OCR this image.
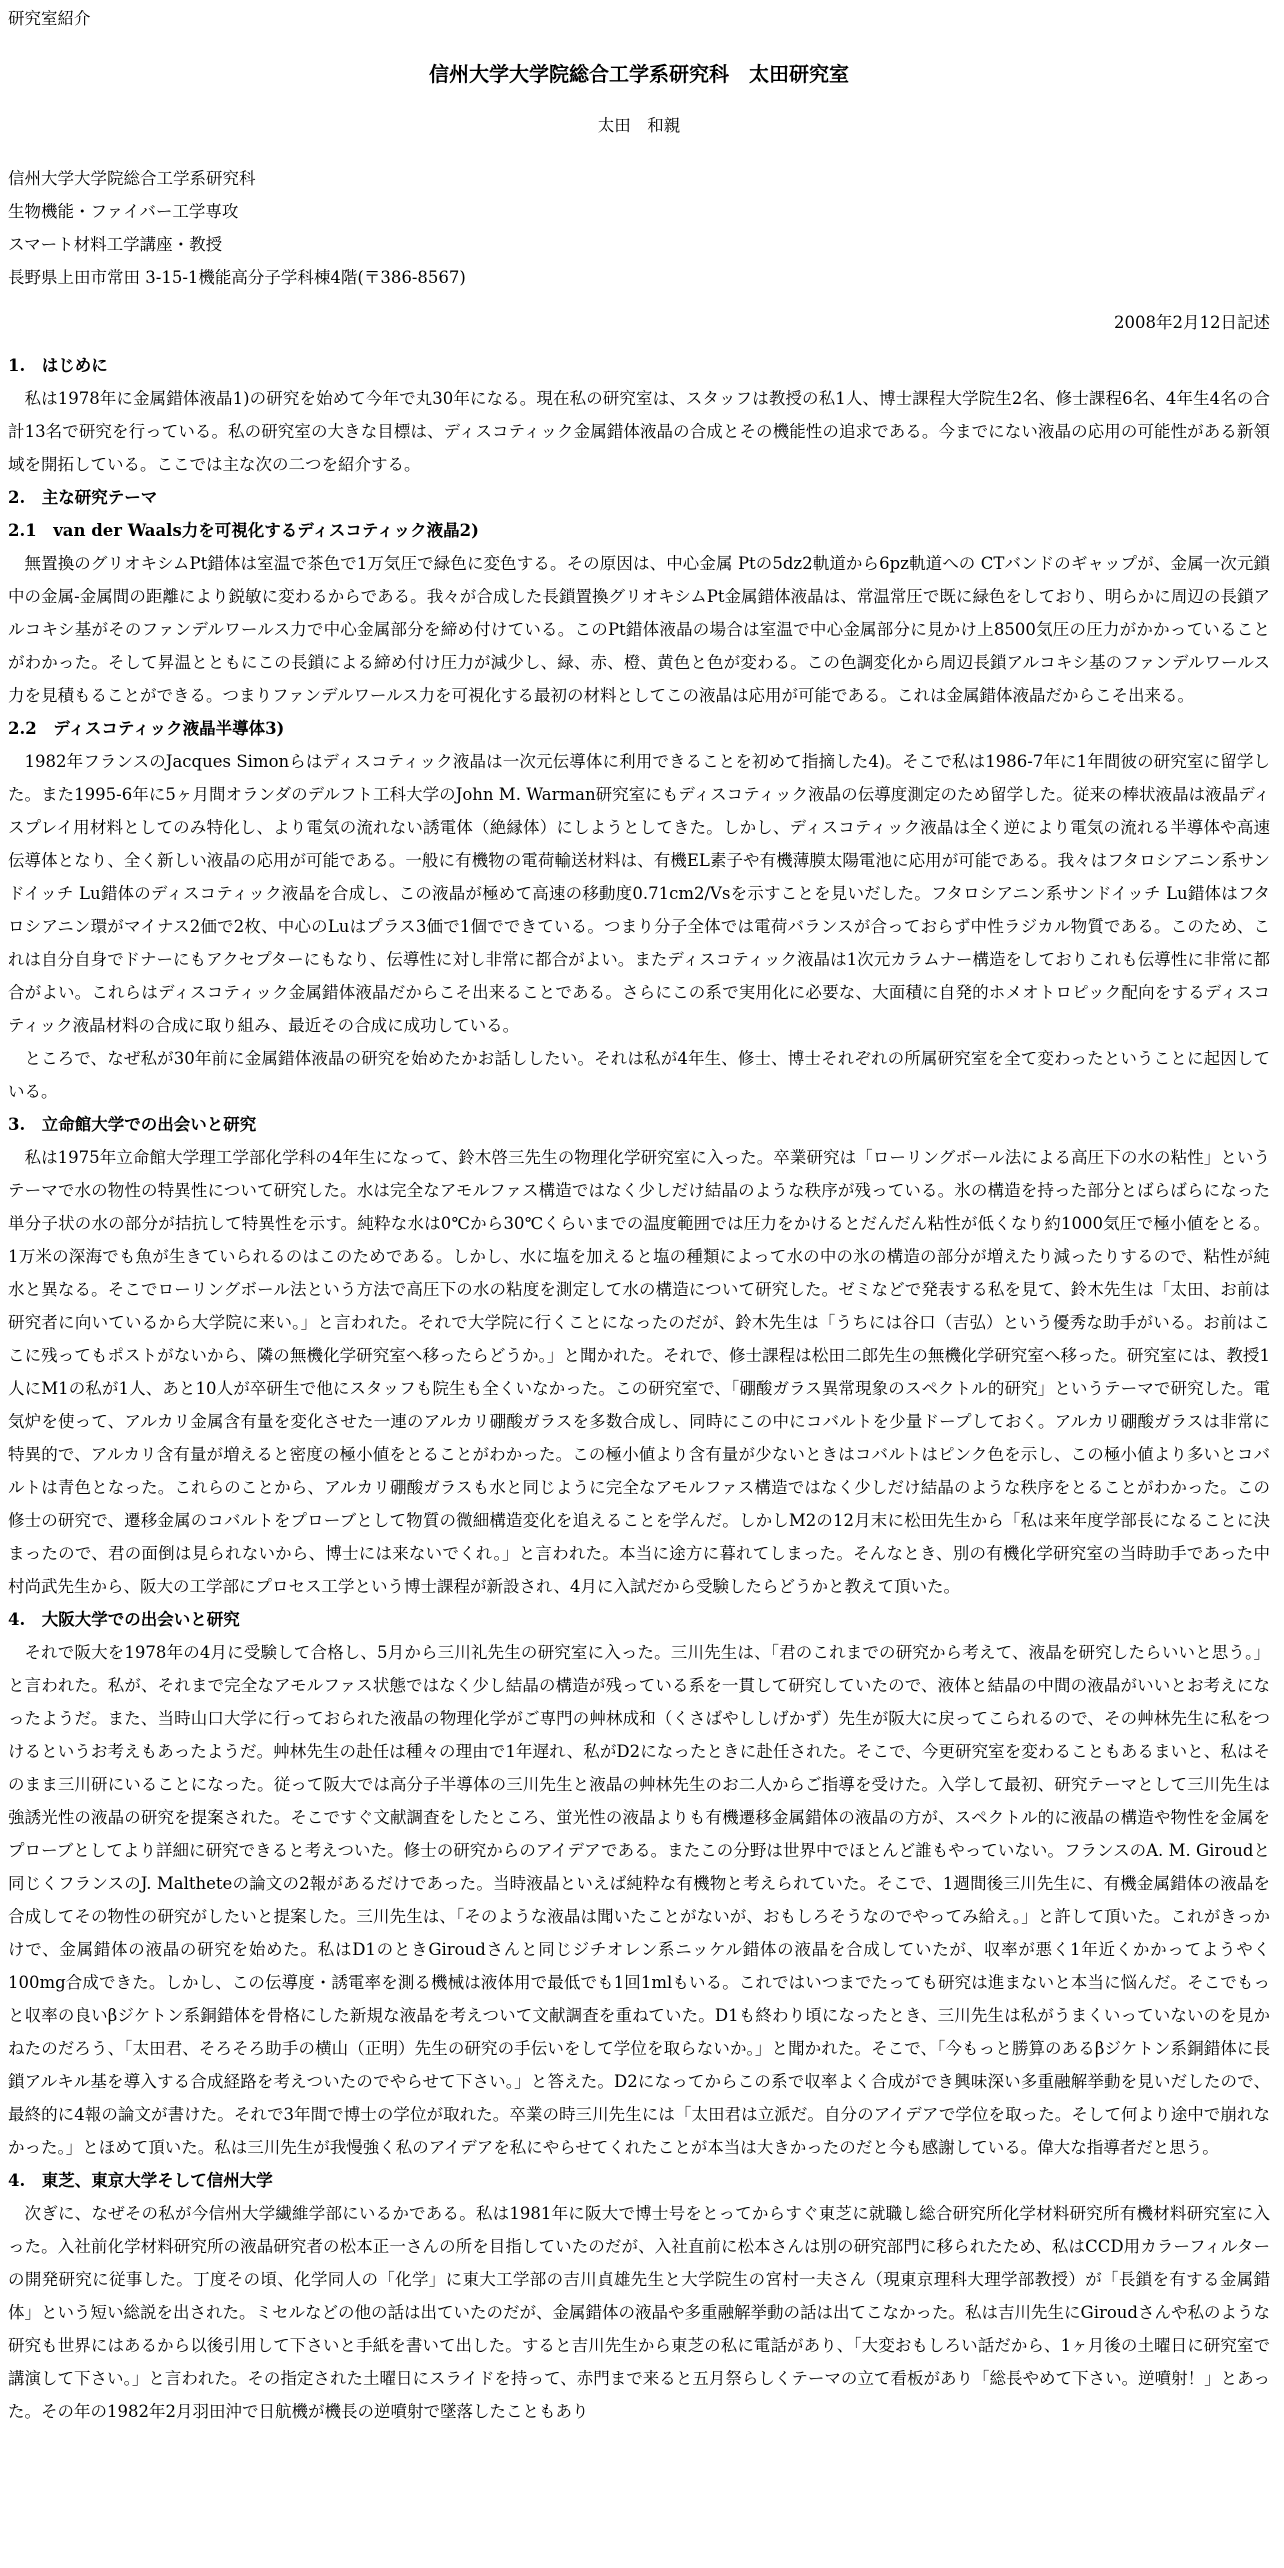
研究室紹介
信州大学大学院総合工学系研究科　太田研究室
太田　和親
信州大学大学院総合工学系研究科
生物機能・ファイバー工学専攻
スマート材料工学講座・教授
長野県上田市常田 3-15-1機能高分子学科棟4階(〒386-8567)
2008年2月12日記述
1.　はじめに

私は1978年に金属錯体液晶1)の研究を始めて今年で丸30年になる。現在私の研究室は、スタッフは教授の私1人、博士課程大学院生2名、修士課程6名、4年生4名の合計13名で研究を行っている。私の研究室の大きな目標は、ディスコティック金属錯体液晶の合成とその機能性の追求である。今までにない液晶の応用の可能性がある新領域を開拓している。ここでは主な次の二つを紹介する。

2.　主な研究テーマ
2.1　van der Waals力を可視化するディスコティック液晶2)

無置換のグリオキシムPt錯体は室温で茶色で1万気圧で緑色に変色する。その原因は、中心金属 Ptの5dz2軌道から6pz軌道への CTバンドのギャップが、金属一次元鎖中の金属-金属間の距離により鋭敏に変わるからである。我々が合成した長鎖置換グリオキシムPt金属錯体液晶は、常温常圧で既に緑色をしており、明らかに周辺の長鎖アルコキシ基がそのファンデルワールス力で中心金属部分を締め付けている。このPt錯体液晶の場合は室温で中心金属部分に見かけ上8500気圧の圧力がかかっていることがわかった。そして昇温とともにこの長鎖による締め付け圧力が減少し、緑、赤、橙、黄色と色が変わる。この色調変化から周辺長鎖アルコキシ基のファンデルワールス力を見積もることができる。つまりファンデルワールス力を可視化する最初の材料としてこの液晶は応用が可能である。これは金属錯体液晶だからこそ出来る。

2.2　ディスコティック液晶半導体3)

1982年フランスのJacques Simonらはディスコティック液晶は一次元伝導体に利用できることを初めて指摘した4)。そこで私は1986-7年に1年間彼の研究室に留学した。また1995-6年に5ヶ月間オランダのデルフト工科大学のJohn M. Warman研究室にもディスコティック液晶の伝導度測定のため留学した。従来の棒状液晶は液晶ディスプレイ用材料としてのみ特化し、より電気の流れない誘電体（絶縁体）にしようとしてきた。しかし、ディスコティック液晶は全く逆により電気の流れる半導体や高速伝導体となり、全く新しい液晶の応用が可能である。一般に有機物の電荷輸送材料は、有機EL素子や有機薄膜太陽電池に応用が可能である。我々はフタロシアニン系サンドイッチ Lu錯体のディスコティック液晶を合成し、この液晶が極めて高速の移動度0.71cm2/Vsを示すことを見いだした。フタロシアニン系サンドイッチ Lu錯体はフタロシアニン環がマイナス2価で2枚、中心のLuはプラス3価で1個でできている。つまり分子全体では電荷バランスが合っておらず中性ラジカル物質である。このため、これは自分自身でドナーにもアクセプターにもなり、伝導性に対し非常に都合がよい。またディスコティック液晶は1次元カラムナー構造をしておりこれも伝導性に非常に都合がよい。これらはディスコティック金属錯体液晶だからこそ出来ることである。さらにこの系で実用化に必要な、大面積に自発的ホメオトロピック配向をするディスコティック液晶材料の合成に取り組み、最近その合成に成功している。

ところで、なぜ私が30年前に金属錯体液晶の研究を始めたかお話ししたい。それは私が4年生、修士、博士それぞれの所属研究室を全て変わったということに起因している。

3.　立命館大学での出会いと研究

私は1975年立命館大学理工学部化学科の4年生になって、鈴木啓三先生の物理化学研究室に入った。卒業研究は「ローリングボール法による高圧下の水の粘性」というテーマで水の物性の特異性について研究した。水は完全なアモルファス構造ではなく少しだけ結晶のような秩序が残っている。氷の構造を持った部分とばらばらになった単分子状の水の部分が拮抗して特異性を示す。純粋な水は0℃から30℃くらいまでの温度範囲では圧力をかけるとだんだん粘性が低くなり約1000気圧で極小値をとる。 1万米の深海でも魚が生きていられるのはこのためである。しかし、水に塩を加えると塩の種類によって水の中の氷の構造の部分が増えたり減ったりするので、粘性が純水と異なる。そこでローリングボール法という方法で高圧下の水の粘度を測定して水の構造について研究した。ゼミなどで発表する私を見て、鈴木先生は「太田、お前は研究者に向いているから大学院に来い。」と言われた。それで大学院に行くことになったのだが、鈴木先生は「うちには谷口（吉弘）という優秀な助手がいる。お前はここに残ってもポストがないから、隣の無機化学研究室へ移ったらどうか。」と聞かれた。それで、修士課程は松田二郎先生の無機化学研究室へ移った。研究室には、教授1人にM1の私が1人、あと10人が卒研生で他にスタッフも院生も全くいなかった。この研究室で、「硼酸ガラス異常現象のスペクトル的研究」というテーマで研究した。電気炉を使って、アルカリ金属含有量を変化させた一連のアルカリ硼酸ガラスを多数合成し、同時にこの中にコバルトを少量ドープしておく。アルカリ硼酸ガラスは非常に特異的で、アルカリ含有量が増えると密度の極小値をとることがわかった。この極小値より含有量が少ないときはコバルトはピンク色を示し、この極小値より多いとコバルトは青色となった。これらのことから、アルカリ硼酸ガラスも水と同じように完全なアモルファス構造ではなく少しだけ結晶のような秩序をとることがわかった。この修士の研究で、遷移金属のコバルトをプローブとして物質の微細構造変化を追えることを学んだ。しかしM2の12月末に松田先生から「私は来年度学部長になることに決まったので、君の面倒は見られないから、博士には来ないでくれ。」と言われた。本当に途方に暮れてしまった。そんなとき、別の有機化学研究室の当時助手であった中村尚武先生から、阪大の工学部にプロセス工学という博士課程が新設され、4月に入試だから受験したらどうかと教えて頂いた。

4.　大阪大学での出会いと研究

それで阪大を1978年の4月に受験して合格し、5月から三川礼先生の研究室に入った。三川先生は、「君のこれまでの研究から考えて、液晶を研究したらいいと思う。」と言われた。私が、それまで完全なアモルファス状態ではなく少し結晶の構造が残っている系を一貫して研究していたので、液体と結晶の中間の液晶がいいとお考えになったようだ。また、当時山口大学に行っておられた液晶の物理化学がご専門の艸林成和（くさばやししげかず）先生が阪大に戻ってこられるので、その艸林先生に私をつけるというお考えもあったようだ。艸林先生の赴任は種々の理由で1年遅れ、私がD2になったときに赴任された。そこで、今更研究室を変わることもあるまいと、私はそのまま三川研にいることになった。従って阪大では高分子半導体の三川先生と液晶の艸林先生のお二人からご指導を受けた。入学して最初、研究テーマとして三川先生は強誘光性の液晶の研究を提案された。そこですぐ文献調査をしたところ、蛍光性の液晶よりも有機遷移金属錯体の液晶の方が、スペクトル的に液晶の構造や物性を金属をプローブとしてより詳細に研究できると考えついた。修士の研究からのアイデアである。またこの分野は世界中でほとんど誰もやっていない。フランスのA. M. Giroudと同じくフランスのJ. Maltheteの論文の2報があるだけであった。当時液晶といえば純粋な有機物と考えられていた。そこで、1週間後三川先生に、有機金属錯体の液晶を合成してその物性の研究がしたいと提案した。三川先生は、「そのような液晶は聞いたことがないが、おもしろそうなのでやってみ給え。」と許して頂いた。これがきっかけで、金属錯体の液晶の研究を始めた。私はD1のときGiroudさんと同じジチオレン系ニッケル錯体の液晶を合成していたが、収率が悪く1年近くかかってようやく100mg合成できた。しかし、この伝導度・誘電率を測る機械は液体用で最低でも1回1mlもいる。これではいつまでたっても研究は進まないと本当に悩んだ。そこでもっと収率の良いβジケトン系銅錯体を骨格にした新規な液晶を考えついて文献調査を重ねていた。D1も終わり頃になったとき、三川先生は私がうまくいっていないのを見かねたのだろう、「太田君、そろそろ助手の横山（正明）先生の研究の手伝いをして学位を取らないか。」と聞かれた。そこで、「今もっと勝算のあるβジケトン系銅錯体に長鎖アルキル基を導入する合成経路を考えついたのでやらせて下さい。」と答えた。D2になってからこの系で収率よく合成ができ興味深い多重融解挙動を見いだしたので、最終的に4報の論文が書けた。それで3年間で博士の学位が取れた。卒業の時三川先生には「太田君は立派だ。自分のアイデアで学位を取った。そして何より途中で崩れなかった。」とほめて頂いた。私は三川先生が我慢強く私のアイデアを私にやらせてくれたことが本当は大きかったのだと今も感謝している。偉大な指導者だと思う。

4.　東芝、東京大学そして信州大学

次ぎに、なぜその私が今信州大学繊維学部にいるかである。私は1981年に阪大で博士号をとってからすぐ東芝に就職し総合研究所化学材料研究所有機材料研究室に入った。入社前化学材料研究所の液晶研究者の松本正一さんの所を目指していたのだが、入社直前に松本さんは別の研究部門に移られたため、私はCCD用カラーフィルターの開発研究に従事した。丁度その頃、化学同人の「化学」に東大工学部の吉川貞雄先生と大学院生の宮村一夫さん（現東京理科大理学部教授）が「長鎖を有する金属錯体」という短い総説を出された。ミセルなどの他の話は出ていたのだが、金属錯体の液晶や多重融解挙動の話は出てこなかった。私は吉川先生にGiroudさんや私のような研究も世界にはあるから以後引用して下さいと手紙を書いて出した。すると吉川先生から東芝の私に電話があり、「大変おもしろい話だから、1ヶ月後の土曜日に研究室で講演して下さい。」と言われた。その指定された土曜日にスライドを持って、赤門まで来ると五月祭らしくテーマの立て看板があり「総長やめて下さい。逆噴射！」とあった。その年の1982年2月羽田沖で日航機が機長の逆噴射で墜落したこともあり
